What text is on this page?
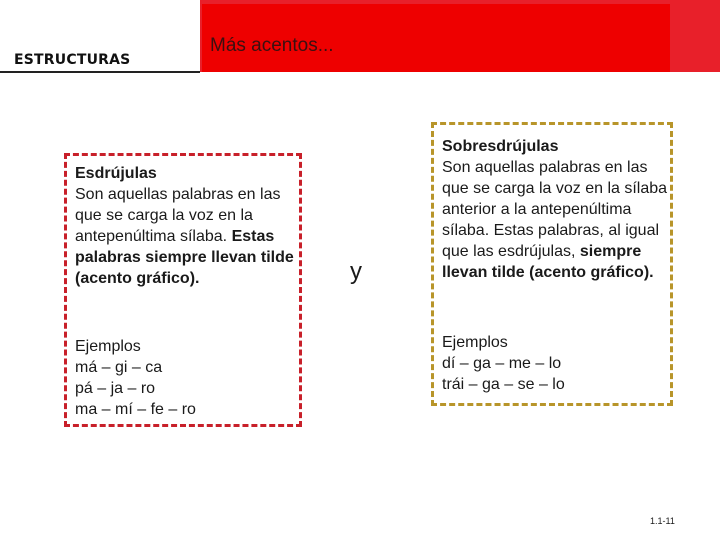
ESTRUCTURAS
Más acentos...
Esdrújulas
Son aquellas palabras en las que se carga la voz en la antepenúltima sílaba. Estas palabras siempre llevan tilde (acento gráfico).
Ejemplos
má – gi – ca
pá – ja – ro
ma – mí – fe – ro
y
Sobresdrújulas
Son aquellas palabras en las que se carga la voz en la sílaba anterior a la antepenúltima sílaba. Estas palabras, al igual que las esdrújulas, siempre llevan tilde (acento gráfico).
Ejemplos
dí – ga – me – lo
trái – ga – se – lo
1.1-11
